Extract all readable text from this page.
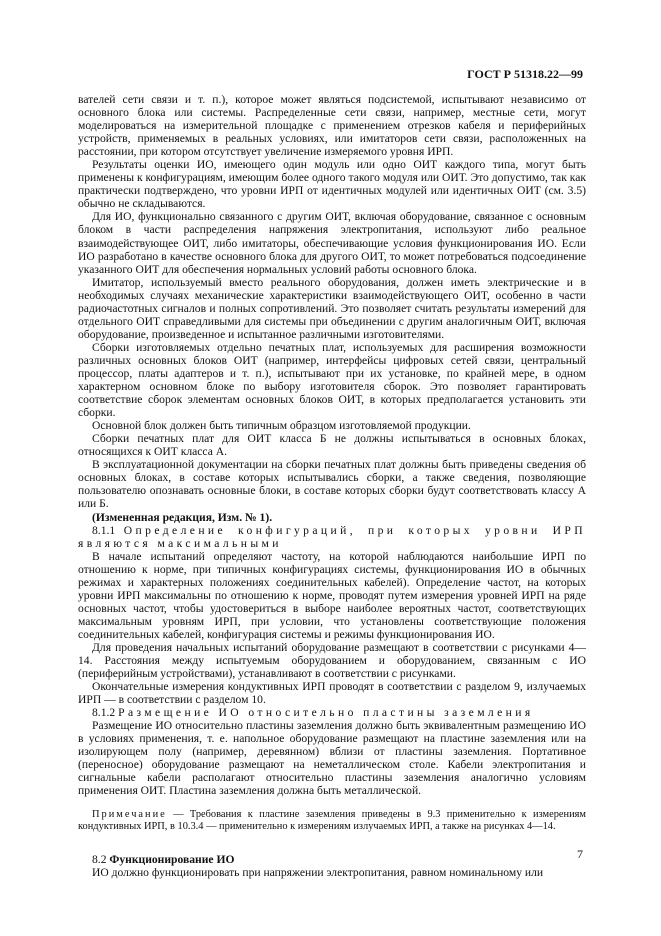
ГОСТ Р 51318.22—99

вателей сети связи и т. п.), которое может являться подсистемой, испытывают независимо от основного блока или системы. Распределенные сети связи, например, местные сети, могут моделироваться на измерительной площадке с применением отрезков кабеля и периферийных устройств, применяемых в реальных условиях, или имитаторов сети связи, расположенных на расстоянии, при котором отсутствует увеличение измеряемого уровня ИРП.

Результаты оценки ИО, имеющего один модуль или одно ОИТ каждого типа, могут быть применены к конфигурациям, имеющим более одного такого модуля или ОИТ. Это допустимо, так как практически подтверждено, что уровни ИРП от идентичных модулей или идентичных ОИТ (см. 3.5) обычно не складываются.

Для ИО, функционально связанного с другим ОИТ, включая оборудование, связанное с основным блоком в части распределения напряжения электропитания, используют либо реальное взаимодействующее ОИТ, либо имитаторы, обеспечивающие условия функционирования ИО. Если ИО разработано в качестве основного блока для другого ОИТ, то может потребоваться подсоединение указанного ОИТ для обеспечения нормальных условий работы основного блока.

Имитатор, используемый вместо реального оборудования, должен иметь электрические и в необходимых случаях механические характеристики взаимодействующего ОИТ, особенно в части радиочастотных сигналов и полных сопротивлений. Это позволяет считать результаты измерений для отдельного ОИТ справедливыми для системы при объединении с другим аналогичным ОИТ, включая оборудование, произведенное и испытанное различными изготовителями.

Сборки изготовляемых отдельно печатных плат, используемых для расширения возможности различных основных блоков ОИТ (например, интерфейсы цифровых сетей связи, центральный процессор, платы адаптеров и т. п.), испытывают при их установке, по крайней мере, в одном характерном основном блоке по выбору изготовителя сборок. Это позволяет гарантировать соответствие сборок элементам основных блоков ОИТ, в которых предполагается установить эти сборки.

Основной блок должен быть типичным образцом изготовляемой продукции.

Сборки печатных плат для ОИТ класса Б не должны испытываться в основных блоках, относящихся к ОИТ класса А.

В эксплуатационной документации на сборки печатных плат должны быть приведены сведения об основных блоках, в составе которых испытывались сборки, а также сведения, позволяющие пользователю опознавать основные блоки, в составе которых сборки будут соответствовать классу А или Б.

(Измененная редакция, Изм. № 1).

8.1.1 Определение конфигураций, при которых уровни ИРП являются максимальными

В начале испытаний определяют частоту, на которой наблюдаются наибольшие ИРП по отношению к норме, при типичных конфигурациях системы, функционирования ИО в обычных режимах и характерных положениях соединительных кабелей). Определение частот, на которых уровни ИРП максимальны по отношению к норме, проводят путем измерения уровней ИРП на ряде основных частот, чтобы удостовериться в выборе наиболее вероятных частот, соответствующих максимальным уровням ИРП, при условии, что установлены соответствующие положения соединительных кабелей, конфигурация системы и режимы функционирования ИО.

Для проведения начальных испытаний оборудование размещают в соответствии с рисунками 4—14. Расстояния между испытуемым оборудованием и оборудованием, связанным с ИО (периферийным устройствами), устанавливают в соответствии с рисунками.

Окончательные измерения кондуктивных ИРП проводят в соответствии с разделом 9, излучаемых ИРП — в соответствии с разделом 10.

8.1.2 Размещение ИО относительно пластины заземления

Размещение ИО относительно пластины заземления должно быть эквивалентным размещению ИО в условиях применения, т. е. напольное оборудование размещают на пластине заземления или на изолирующем полу (например, деревянном) вблизи от пластины заземления. Портативное (переносное) оборудование размещают на неметаллическом столе. Кабели электропитания и сигнальные кабели располагают относительно пластины заземления аналогично условиям применения ОИТ. Пластина заземления должна быть металлической.

Примечание — Требования к пластине заземления приведены в 9.3 применительно к измерениям кондуктивных ИРП, в 10.3.4 — применительно к измерениям излучаемых ИРП, а также на рисунках 4—14.

8.2 Функционирование ИО

ИО должно функционировать при напряжении электропитания, равном номинальному или

7
